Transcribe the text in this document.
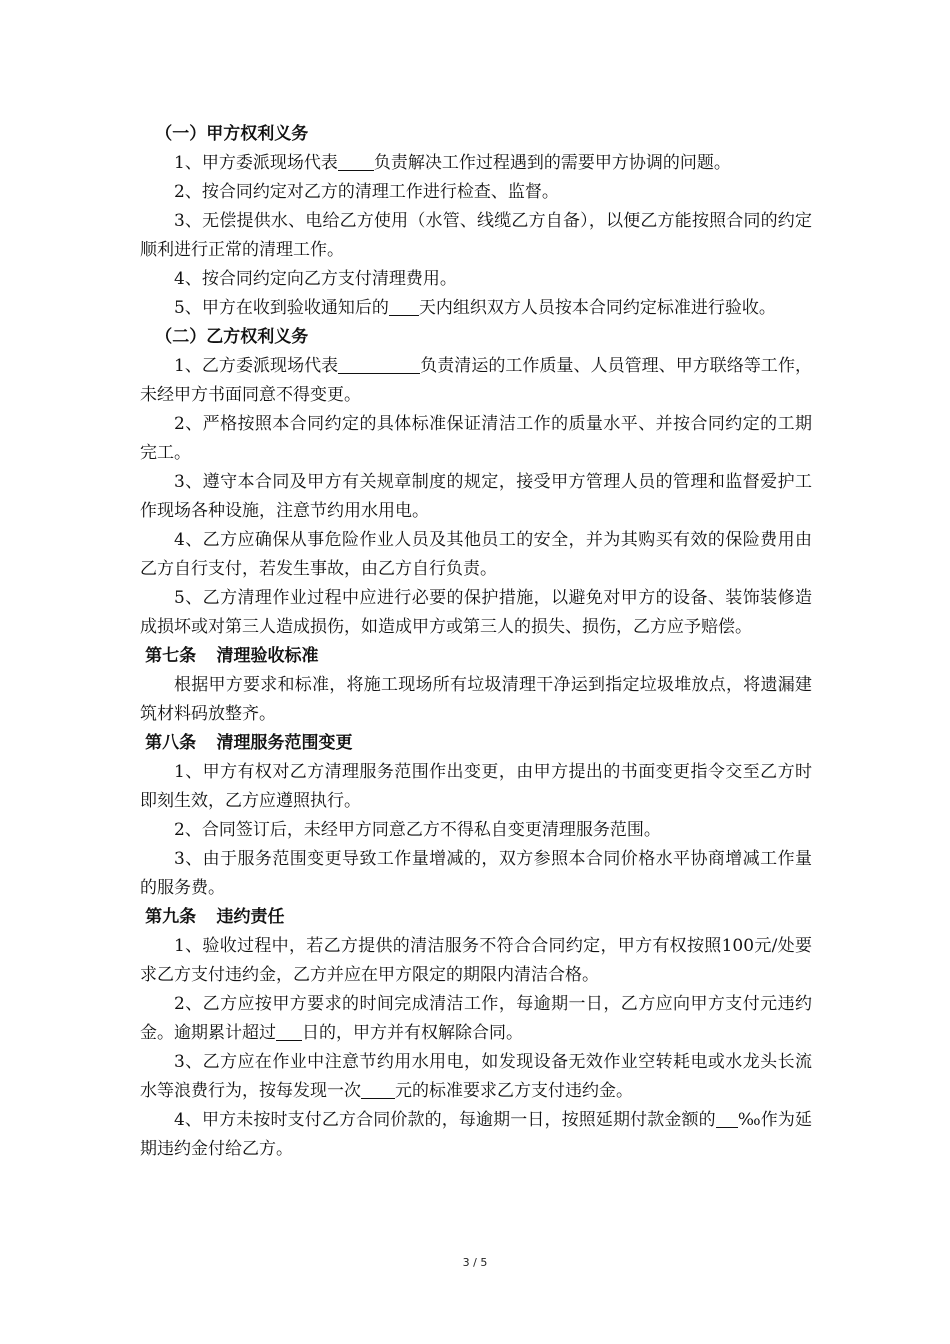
（一）甲方权利义务

1、甲方委派现场代表 负责解决工作过程遇到的需要甲方协调的问题。

2、按合同约定对乙方的清理工作进行检查、监督。

3、无偿提供水、电给乙方使用（水管、线缆乙方自备），以便乙方能按照合同的约定顺利进行正常的清理工作。

4、按合同约定向乙方支付清理费用。

5、甲方在收到验收通知后的 天内组织双方人员按本合同约定标准进行验收。

（二）乙方权利义务

1、乙方委派现场代表	负责清运的工作质量、人员管理、甲方联络等工作，未经甲方书面同意不得变更。

2、严格按照本合同约定的具体标准保证清洁工作的质量水平、并按合同约定的工期完工。

3、遵守本合同及甲方有关规章制度的规定，接受甲方管理人员的管理和监督爱护工作现场各种设施，注意节约用水用电。

4、乙方应确保从事危险作业人员及其他员工的安全，并为其购买有效的保险费用由乙方自行支付，若发生事故，由乙方自行负责。

5、乙方清理作业过程中应进行必要的保护措施，以避免对甲方的设备、装饰装修造成损坏或对第三人造成损伤，如造成甲方或第三人的损失、损伤，乙方应予赔偿。

第七条 清理验收标准

根据甲方要求和标准，将施工现场所有垃圾清理干净运到指定垃圾堆放点，将遗漏建筑材料码放整齐。

第八条 清理服务范围变更

1、甲方有权对乙方清理服务范围作出变更，由甲方提出的书面变更指令交至乙方时即刻生效，乙方应遵照执行。

2、合同签订后，未经甲方同意乙方不得私自变更清理服务范围。

3、由于服务范围变更导致工作量增减的，双方参照本合同价格水平协商增减工作量的服务费。

第九条 违约责任

1、验收过程中，若乙方提供的清洁服务不符合合同约定，甲方有权按照100元/处要求乙方支付违约金，乙方并应在甲方限定的期限内清洁合格。

2、乙方应按甲方要求的时间完成清洁工作，每逾期一日，乙方应向甲方支付元违约金。逾期累计超过 日的，甲方并有权解除合同。

3、乙方应在作业中注意节约用水用电，如发现设备无效作业空转耗电或水龙头长流水等浪费行为，按每发现一次 元的标准要求乙方支付违约金。

4、甲方未按时支付乙方合同价款的，每逾期一日，按照延期付款金额的 ‰作为延期违约金付给乙方。

3 / 5
